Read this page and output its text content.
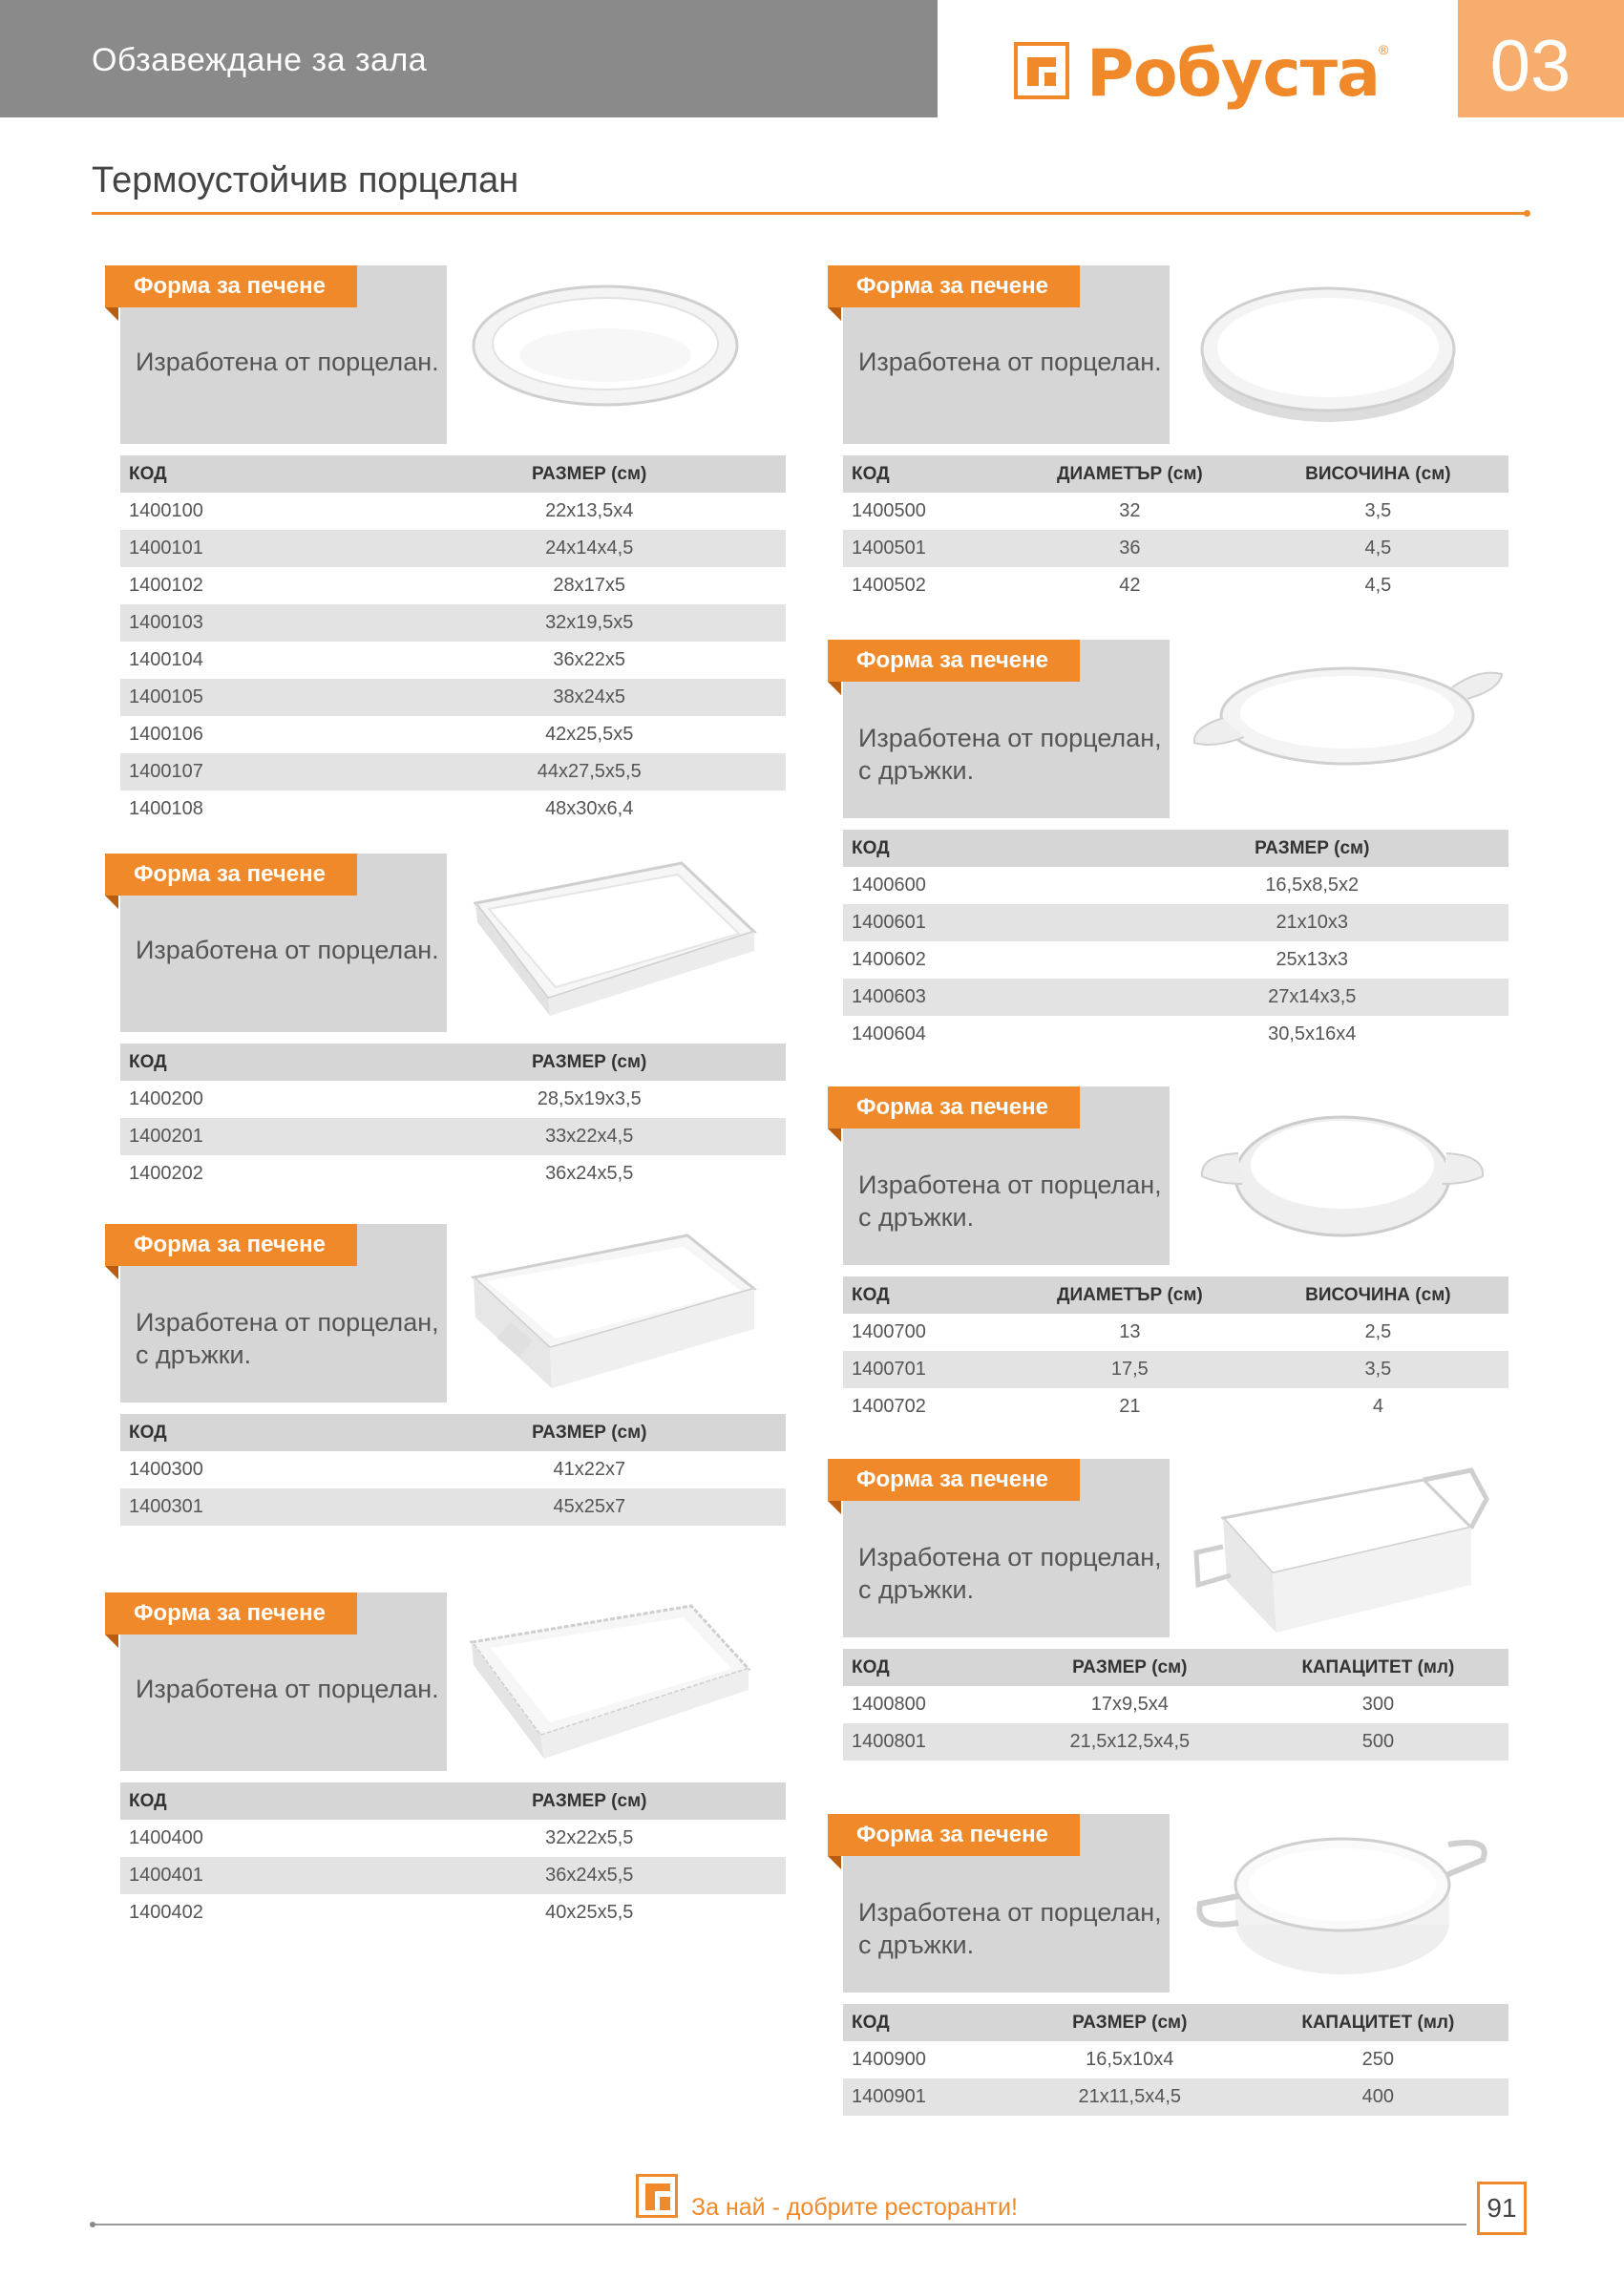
Обзавеждане за зала	Робуста ®	03
Термоустойчив порцелан
Форма за печене
Изработена от порцелан.
КОД	РАЗМЕР (см)
1400100	22x13,5x4
1400101	24x14x4,5
1400102	28x17x5
1400103	32x19,5x5
1400104	36x22x5
1400105	38x24x5
1400106	42x25,5x5
1400107	44x27,5x5,5
1400108	48x30x6,4
Форма за печене
Изработена от порцелан.
КОД	РАЗМЕР (см)
1400200	28,5x19x3,5
1400201	33x22x4,5
1400202	36x24x5,5
Форма за печене
Изработена от порцелан,
с дръжки.
КОД	РАЗМЕР (см)
1400300	41x22x7
1400301	45x25x7
Форма за печене
Изработена от порцелан.
КОД	РАЗМЕР (см)
1400400	32x22x5,5
1400401	36x24x5,5
1400402	40x25x5,5
Форма за печене
Изработена от порцелан.
КОД	ДИАМЕТЪР (см)	ВИСОЧИНА (см)
1400500	32	3,5
1400501	36	4,5
1400502	42	4,5
Форма за печене
Изработена от порцелан,
с дръжки.
КОД	РАЗМЕР (см)
1400600	16,5x8,5x2
1400601	21x10x3
1400602	25x13x3
1400603	27x14x3,5
1400604	30,5x16x4
Форма за печене
Изработена от порцелан,
с дръжки.
КОД	ДИАМЕТЪР (см)	ВИСОЧИНА (см)
1400700	13	2,5
1400701	17,5	3,5
1400702	21	4
Форма за печене
Изработена от порцелан,
с дръжки.
КОД	РАЗМЕР (см)	КАПАЦИТЕТ (мл)
1400800	17x9,5x4	300
1400801	21,5x12,5x4,5	500
Форма за печене
Изработена от порцелан,
с дръжки.
КОД	РАЗМЕР (см)	КАПАЦИТЕТ (мл)
1400900	16,5x10x4	250
1400901	21x11,5x4,5	400
За най - добрите ресторанти!	91
